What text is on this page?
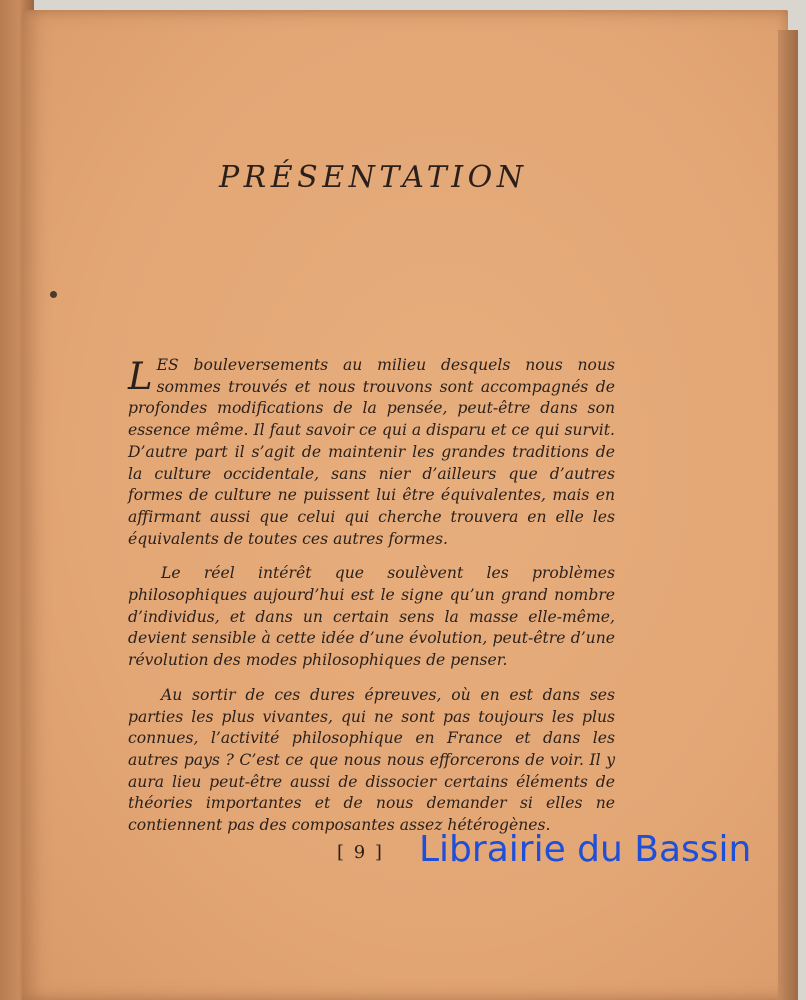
PRÉSENTATION

LES bouleversements au milieu desquels nous nous sommes trouvés et nous trouvons sont accompagnés de profondes modifications de la pensée, peut-être dans son essence même. Il faut savoir ce qui a disparu et ce qui survit. D’autre part il s’agit de maintenir les grandes traditions de la culture occidentale, sans nier d’ailleurs que d’autres formes de culture ne puissent lui être équivalentes, mais en affirmant aussi que celui qui cherche trouvera en elle les équivalents de toutes ces autres formes.

Le réel intérêt que soulèvent les problèmes philosophiques aujourd’hui est le signe qu’un grand nombre d’individus, et dans un certain sens la masse elle-même, devient sensible à cette idée d’une évolution, peut-être d’une révolution des modes philosophiques de penser.

Au sortir de ces dures épreuves, où en est dans ses parties les plus vivantes, qui ne sont pas toujours les plus connues, l’activité philosophique en France et dans les autres pays ? C’est ce que nous nous efforcerons de voir. Il y aura lieu peut-être aussi de dissocier certains éléments de théories importantes et de nous demander si elles ne contiennent pas des composantes assez hétérogènes.

[ 9 ] Librairie du Bassin
